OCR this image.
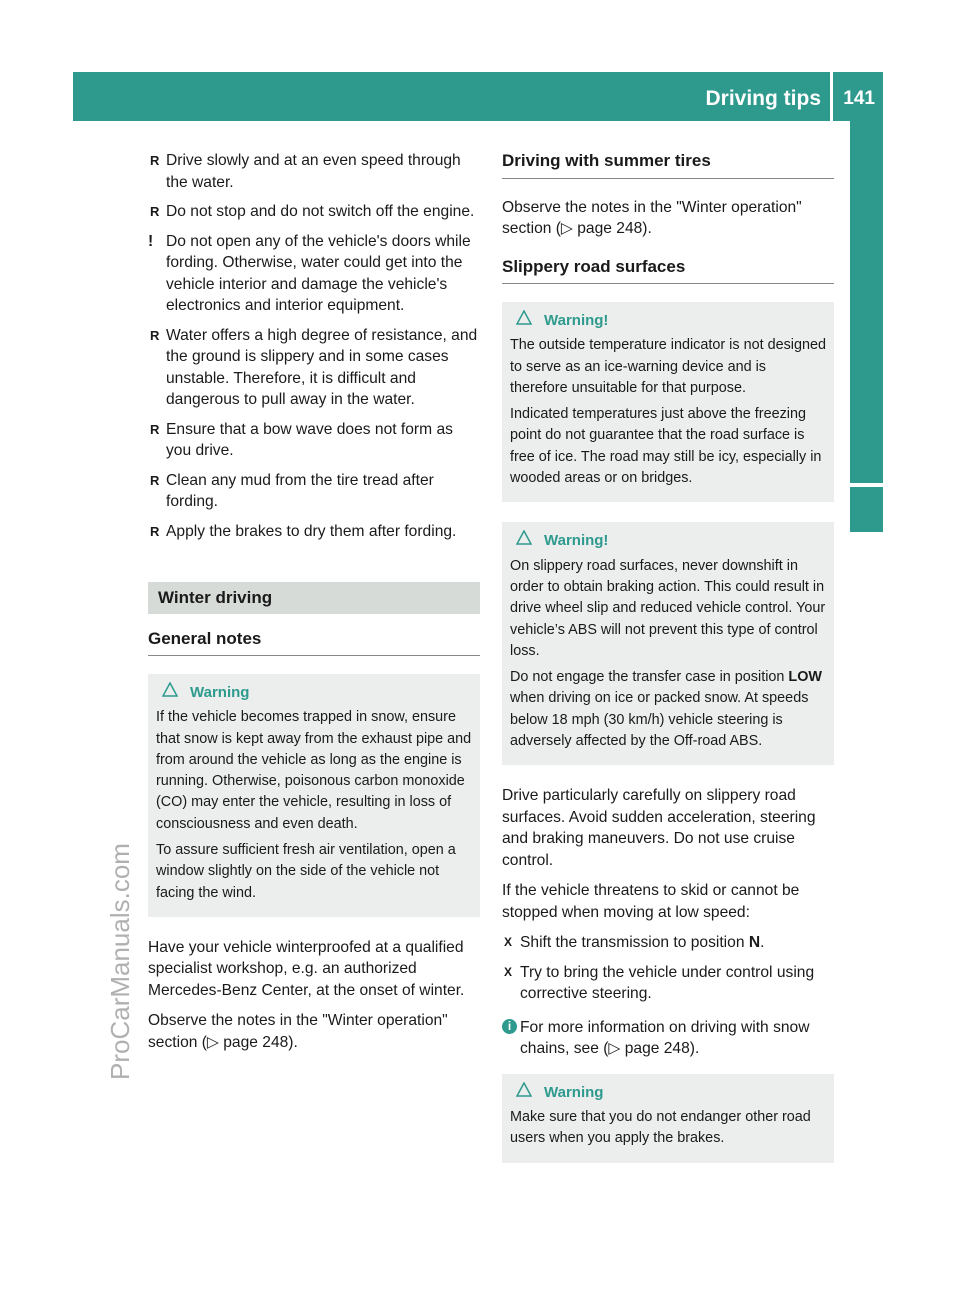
Driving tips 141
Driving and parking
ProCarManuals.com
R Drive slowly and at an even speed through the water.
R Do not stop and do not switch off the engine.
! Do not open any of the vehicle's doors while fording. Otherwise, water could get into the vehicle interior and damage the vehicle's electronics and interior equipment.
R Water offers a high degree of resistance, and the ground is slippery and in some cases unstable. Therefore, it is difficult and dangerous to pull away in the water.
R Ensure that a bow wave does not form as you drive.
R Clean any mud from the tire tread after fording.
R Apply the brakes to dry them after fording.
Winter driving
General notes
Warning

If the vehicle becomes trapped in snow, ensure that snow is kept away from the exhaust pipe and from around the vehicle as long as the engine is running. Otherwise, poisonous carbon monoxide (CO) may enter the vehicle, resulting in loss of consciousness and even death.

To assure sufficient fresh air ventilation, open a window slightly on the side of the vehicle not facing the wind.

Have your vehicle winterproofed at a qualified specialist workshop, e.g. an authorized Mercedes-Benz Center, at the onset of winter.

Observe the notes in the "Winter operation" section (▷ page 248).

Driving with summer tires

Observe the notes in the "Winter operation" section (▷ page 248).

Slippery road surfaces
Warning!

The outside temperature indicator is not designed to serve as an ice-warning device and is therefore unsuitable for that purpose.

Indicated temperatures just above the freezing point do not guarantee that the road surface is free of ice. The road may still be icy, especially in wooded areas or on bridges.

Warning!

On slippery road surfaces, never downshift in order to obtain braking action. This could result in drive wheel slip and reduced vehicle control. Your vehicle’s ABS will not prevent this type of control loss.

Do not engage the transfer case in position LOW when driving on ice or packed snow. At speeds below 18 mph (30 km/h) vehicle steering is adversely affected by the Off-road ABS.

Drive particularly carefully on slippery road surfaces. Avoid sudden acceleration, steering and braking maneuvers. Do not use cruise control.

If the vehicle threatens to skid or cannot be stopped when moving at low speed:

X Shift the transmission to position N.
X Try to bring the vehicle under control using corrective steering.
i For more information on driving with snow chains, see (▷ page 248).
Warning

Make sure that you do not endanger other road users when you apply the brakes.
